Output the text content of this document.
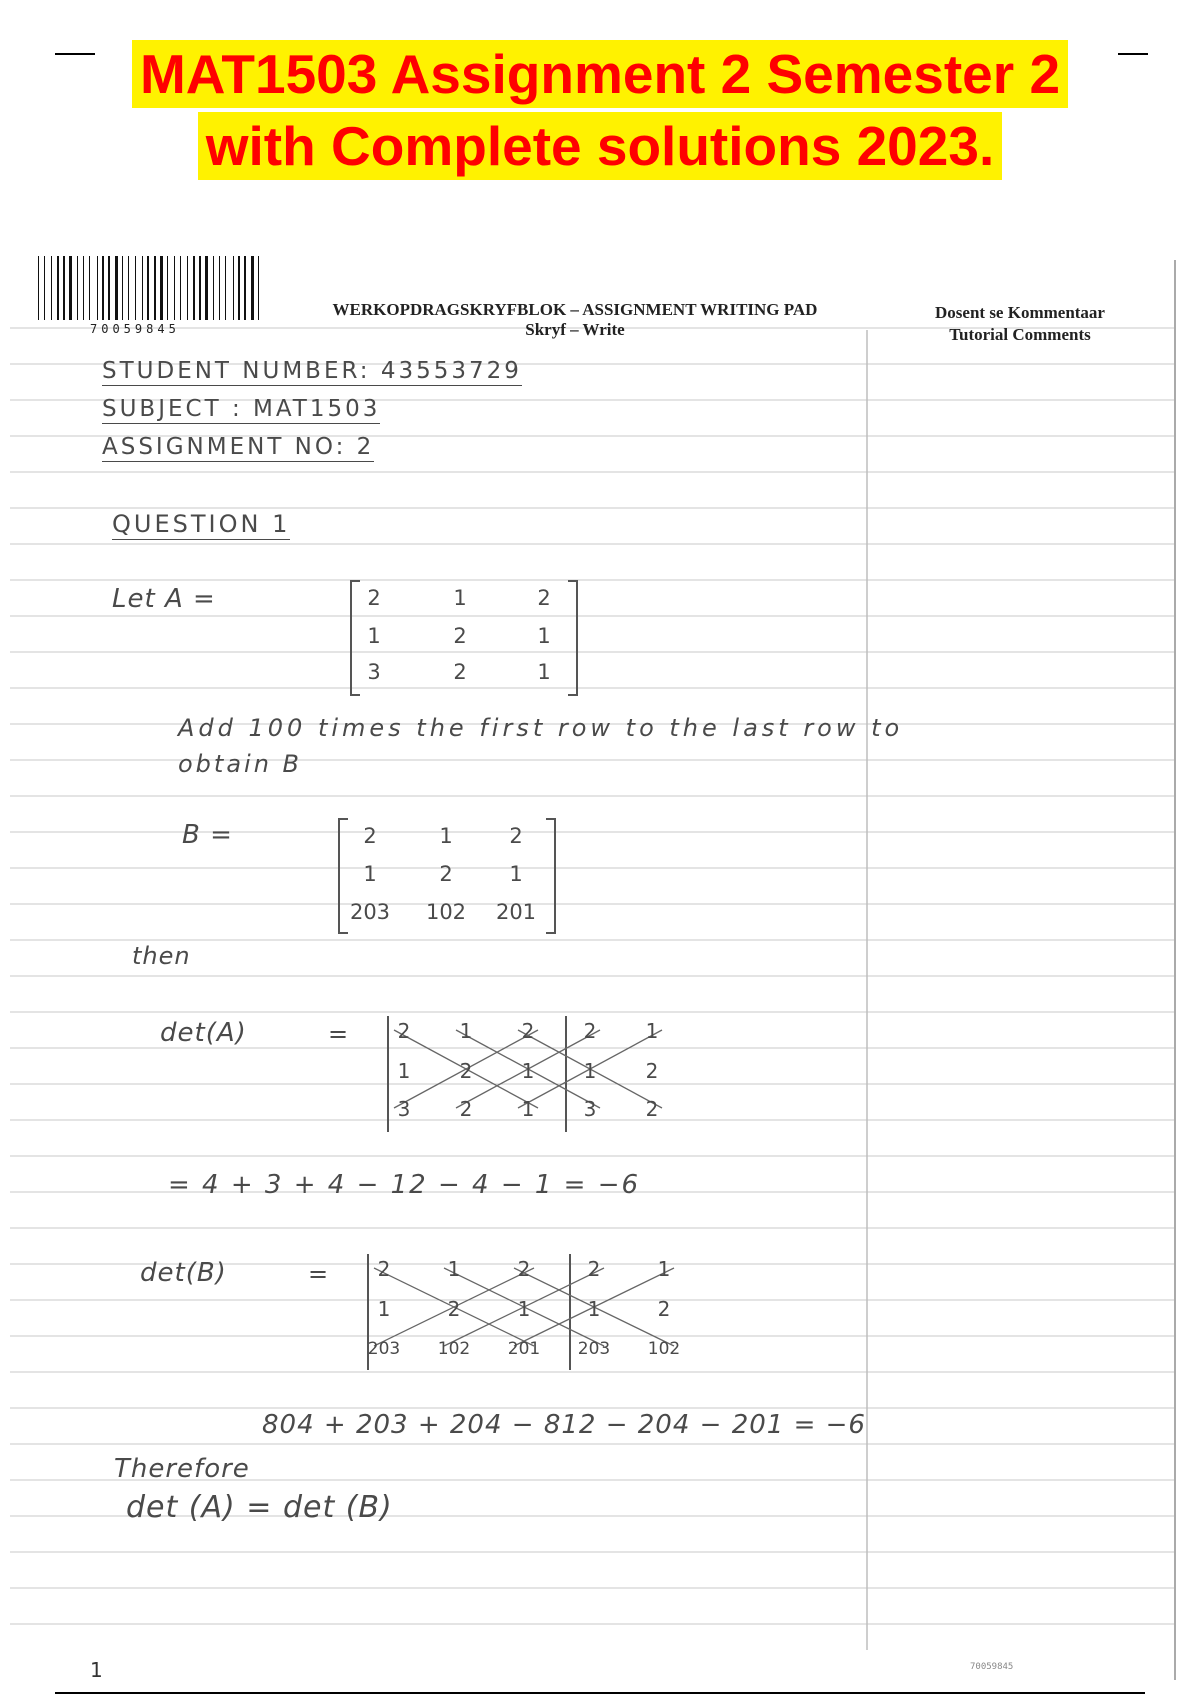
MAT1503 Assignment 2 Semester 2
with Complete solutions 2023.
70059845
WERKOPDRAGSKRYFBLOK – ASSIGNMENT WRITING PAD
Skryf – Write
Dosent se Kommentaar
Tutorial Comments
STUDENT NUMBER: 43553729
SUBJECT : MAT1503
ASSIGNMENT NO: 2
QUESTION 1
Let A =	2	1	2
1	2	1
3	2	1
Add 100 times the first row to the last row to
obtain B
B =	2	1	2
1	2	1
203	102	201
then
det(A)	= 2 1 2 2 1
1 2 1 1 2
3 2 1 3 2
= 4 + 3 + 4 − 12 − 4 − 1 = −6
det(B)	= 2	1	2	2	1
1	2	1	1	2
203 102 201 203 102
804 + 203 + 204 − 812 − 204 − 201 = −6
Therefore
det (A) = det (B)
1	70059845
